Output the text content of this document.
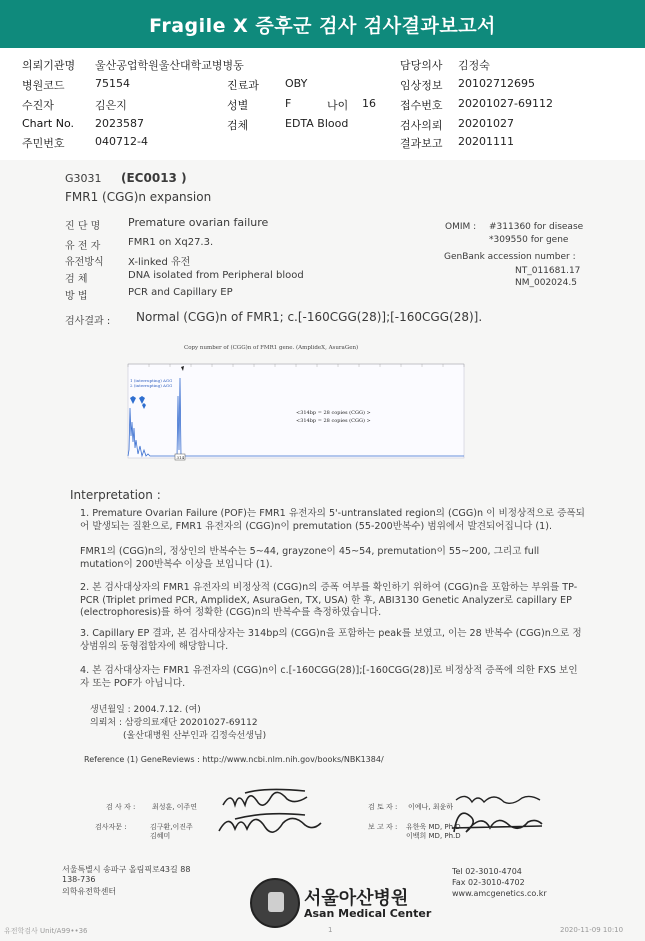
Fragile X 증후군 검사 검사결과보고서
의뢰기관명 울산공업학원울산대학교병병동	담당의사 김정숙
병원코드	75154	진료과 OBY	임상정보 20102712695
수진자	김은지	성별	F	나이 16 접수번호 20201027-69112
Chart No. 2023587	검체	EDTA Blood	검사의뢰 20201027
주민번호	040712-4	결과보고 20201111
G3031 (EC0013 )
FMR1 (CGG)n expansion
진 단 명	Premature ovarian failure
유 전 자	FMR1 on Xq27.3.
유전방식 X-linked 유전
검 체	DNA isolated from Peripheral blood
방 법	PCR and Capillary EP
OMIM : #311360 for disease
*309550 for gene
GenBank accession number :
NT_011681.17
NM_002024.5
검사결과 : Normal (CGG)n of FMR1; c.[-160CGG(28)];[-160CGG(28)].
Copy number of (CGG)n of FMR1 gene. (AmplideX, AsuraGen)
1 (interrupting) AGG
2 (interrupting) AGG
314
<314bp = 28 copies (CGG) >
<314bp = 28 copies (CGG) >
Interpretation :
1. Premature Ovarian Failure (POF)는 FMR1 유전자의 5'-untranslated region의 (CGG)n 이 비정상적으로 증폭되어 발생되는 질환으로, FMR1 유전자의 (CGG)n이 premutation (55-200반복수) 범위에서 발견되어집니다 (1).
FMR1의 (CGG)n의, 정상인의 반복수는 5~44, grayzone이 45~54, premutation이 55~200, 그리고 full mutation이 200반복수 이상을 보입니다 (1).
2. 본 검사대상자의 FMR1 유전자의 비정상적 (CGG)n의 증폭 여부를 확인하기 위하여 (CGG)n을 포함하는 부위를 TP-PCR (Triplet primed PCR, AmplideX, AsuraGen, TX, USA) 한 후, ABI3130 Genetic Analyzer로 capillary EP (electrophoresis)를 하여 정확한 (CGG)n의 반복수를 측정하였습니다.
3. Capillary EP 결과, 본 검사대상자는 314bp의 (CGG)n을 포함하는 peak를 보였고, 이는 28 반복수 (CGG)n으로 정상범위의 동형접합자에 해당합니다.
4. 본 검사대상자는 FMR1 유전자의 (CGG)n이 c.[-160CGG(28)];[-160CGG(28)]로 비정상적 증폭에 의한 FXS 보인자 또는 POF가 아닙니다.
생년월일 : 2004.7.12. (여)
의뢰처 : 삼광의료재단 20201027-69112
(울산대병원 산부인과 김정숙선생님)
Reference (1) GeneReviews : http://www.ncbi.nlm.nih.gov/books/NBK1384/
검 사 자 : 최성훈, 이주연
검사자문 :	김구환,이진주
김혜미
검 토 자 : 이예나, 최윤하
보 고 자 : 유한욱 MD, Ph.D
이백희 MD, Ph.D
서울특별시 송파구 올림픽로43길 88
138-736
의학유전학센터	서울아산병원
Asan Medical Center
Tel 02-3010-4704
Fax 02-3010-4702
www.amcgenetics.co.kr
유전학검사 Unit/A99••36	1	2020-11-09 10:10
